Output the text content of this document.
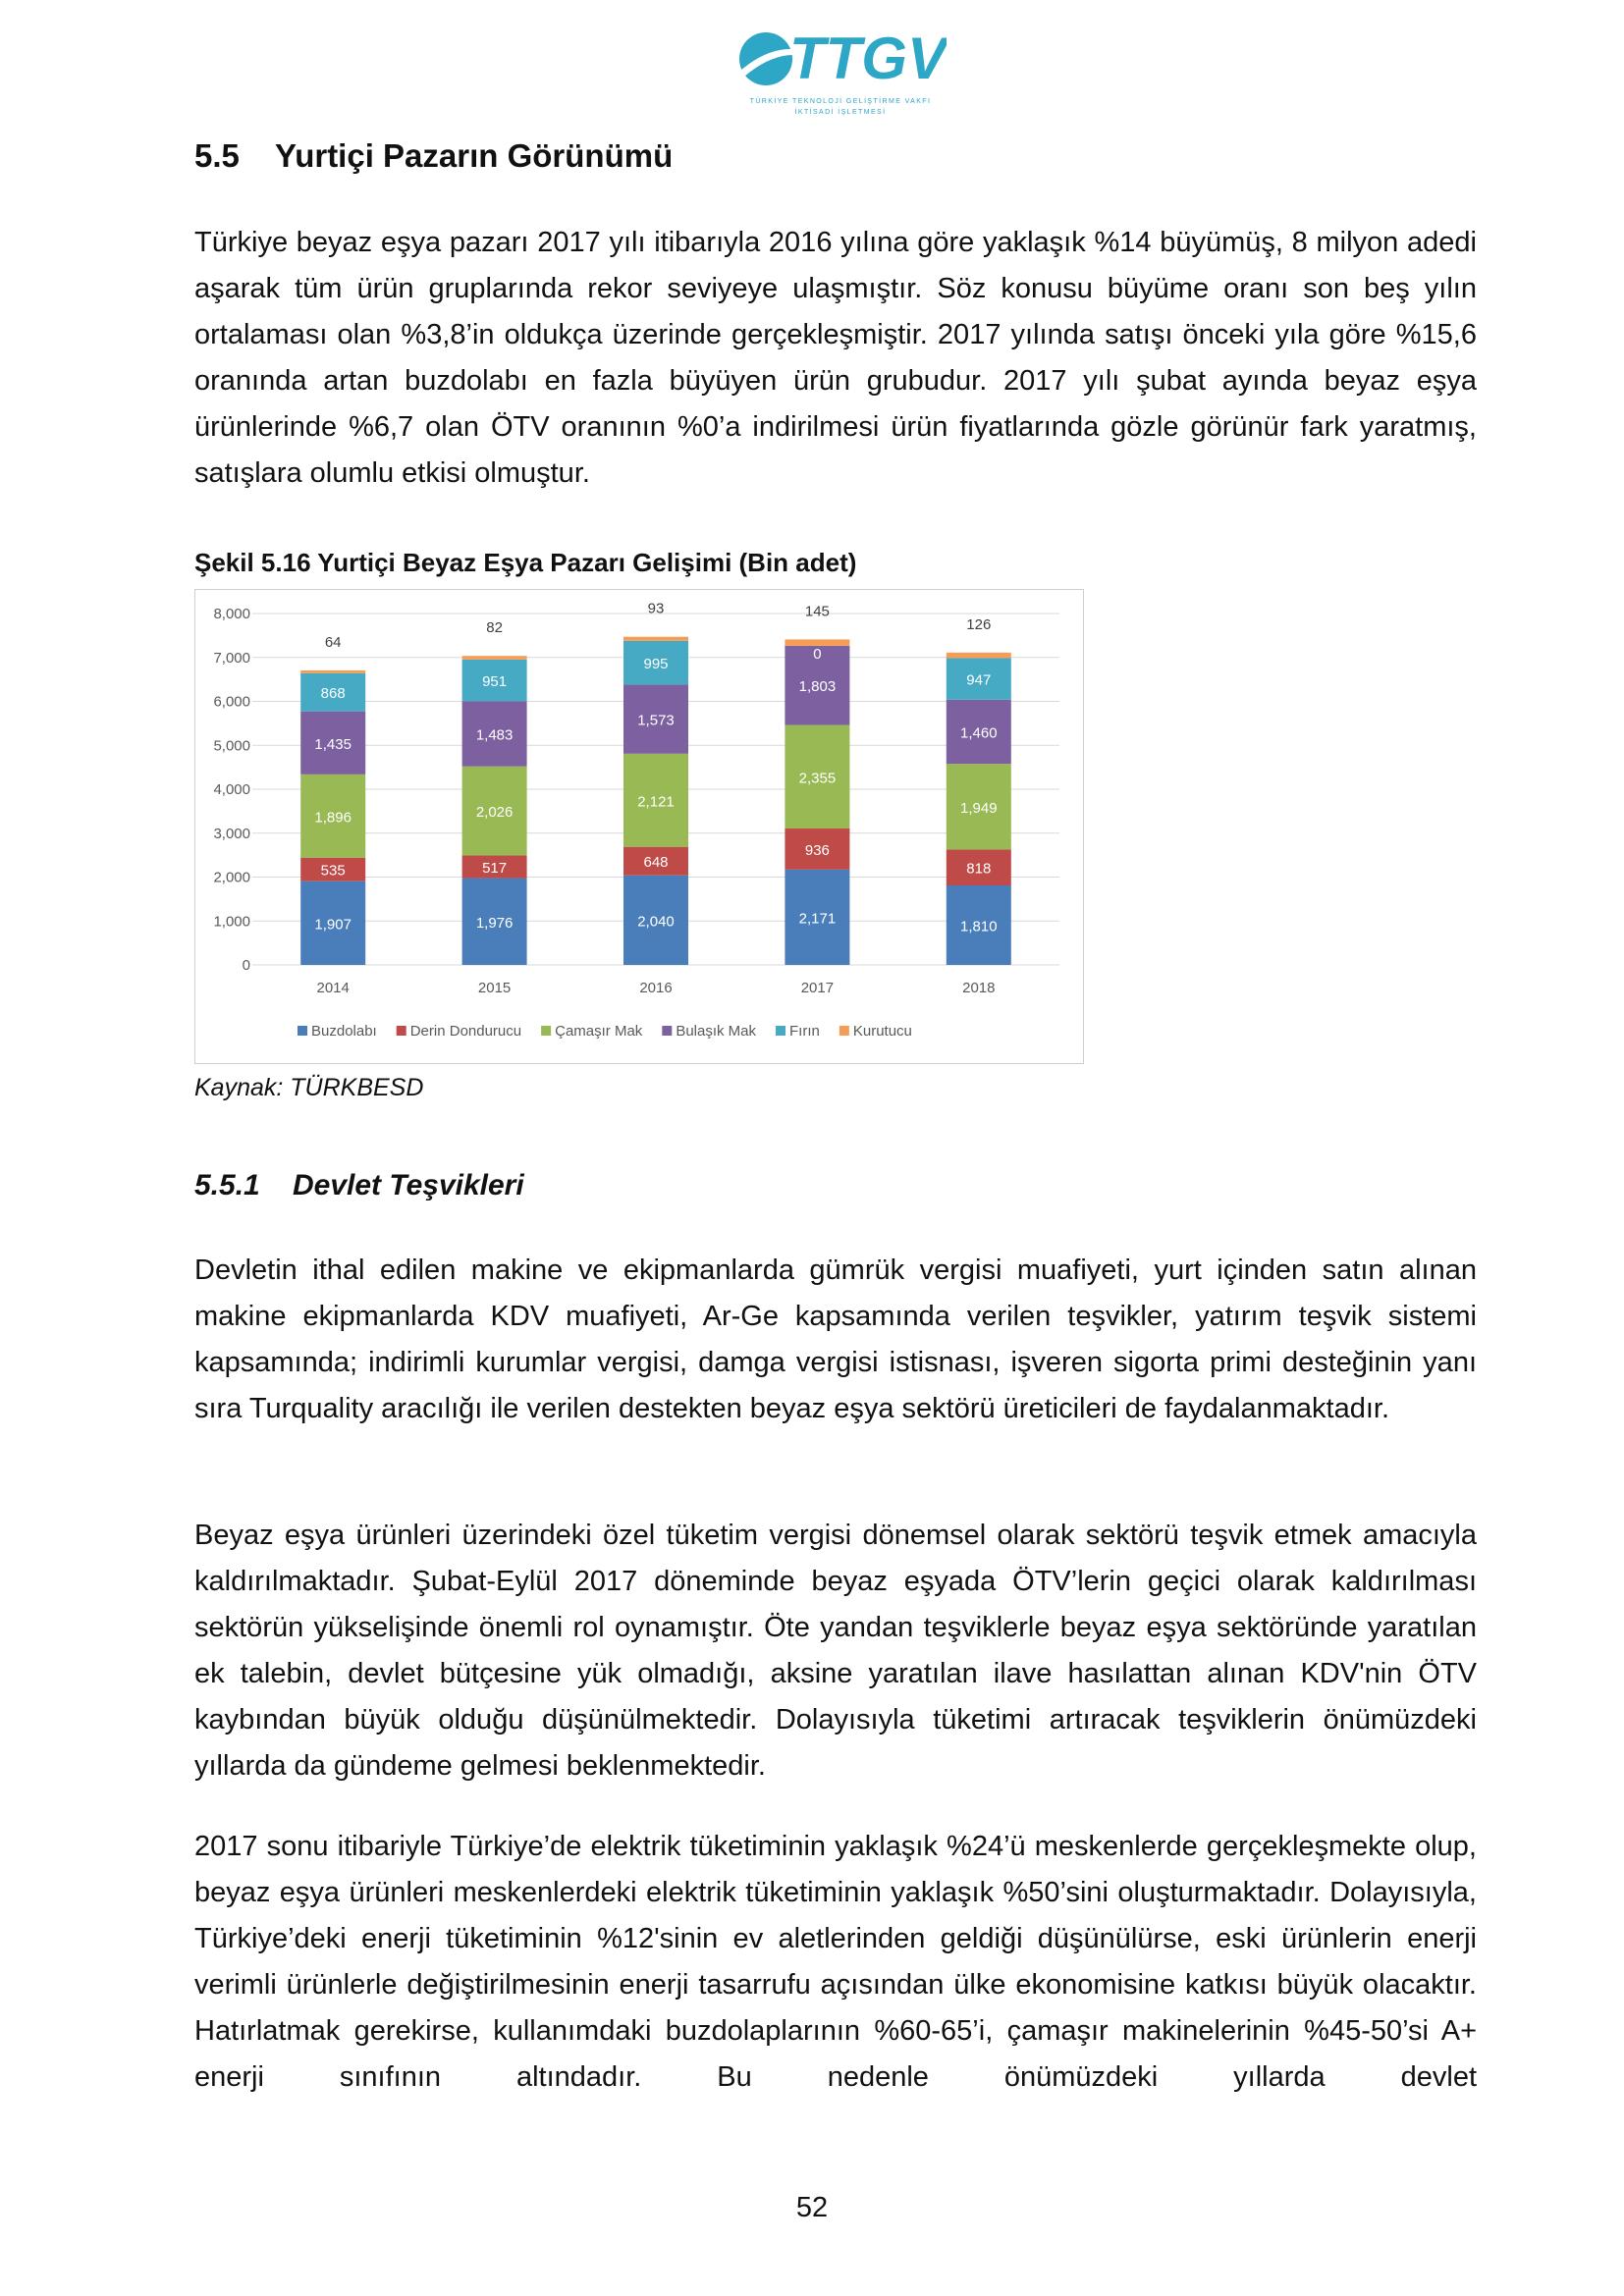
TTGV
TÜRKİYE TEKNOLOJİ GELİŞTİRME VAKFI
İKTİSADİ İŞLETMESİ
5.5 Yurtiçi Pazarın Görünümü

Türkiye beyaz eşya pazarı 2017 yılı itibarıyla 2016 yılına göre yaklaşık %14 büyümüş, 8 milyon adedi aşarak tüm ürün gruplarında rekor seviyeye ulaşmıştır. Söz konusu büyüme oranı son beş yılın ortalaması olan %3,8’in oldukça üzerinde gerçekleşmiştir. 2017 yılında satışı önceki yıla göre %15,6 oranında artan buzdolabı en fazla büyüyen ürün grubudur. 2017 yılı şubat ayında beyaz eşya ürünlerinde %6,7 olan ÖTV oranının %0’a indirilmesi ürün fiyatlarında gözle görünür fark yaratmış, satışlara olumlu etkisi olmuştur.

Şekil 5.16 Yurtiçi Beyaz Eşya Pazarı Gelişimi (Bin adet)
0
1,000
2,000
3,000
4,000
5,000
6,000
7,000
8,000
1,907
535
1,896
1,435
868
64
2014
1,976
517
2,026
1,483
951
82
2015
2,040
648
2,121
1,573
995
93
2016
2,171
936
2,355
1,803
0
145
2017
1,810
818
1,949
1,460
947
126
2018
Buzdolabı Derin Dondurucu Çamaşır Mak Bulaşık Mak Fırın Kurutucu
Kaynak: TÜRKBESD
5.5.1 Devlet Teşvikleri

Devletin ithal edilen makine ve ekipmanlarda gümrük vergisi muafiyeti, yurt içinden satın alınan makine ekipmanlarda KDV muafiyeti, Ar-Ge kapsamında verilen teşvikler, yatırım teşvik sistemi kapsamında; indirimli kurumlar vergisi, damga vergisi istisnası, işveren sigorta primi desteğinin yanı sıra Turquality aracılığı ile verilen destekten beyaz eşya sektörü üreticileri de faydalanmaktadır.

Beyaz eşya ürünleri üzerindeki özel tüketim vergisi dönemsel olarak sektörü teşvik etmek amacıyla kaldırılmaktadır. Şubat-Eylül 2017 döneminde beyaz eşyada ÖTV’lerin geçici olarak kaldırılması sektörün yükselişinde önemli rol oynamıştır. Öte yandan teşviklerle beyaz eşya sektöründe yaratılan ek talebin, devlet bütçesine yük olmadığı, aksine yaratılan ilave hasılattan alınan KDV'nin ÖTV kaybından büyük olduğu düşünülmektedir. Dolayısıyla tüketimi artıracak teşviklerin önümüzdeki yıllarda da gündeme gelmesi beklenmektedir.

2017 sonu itibariyle Türkiye’de elektrik tüketiminin yaklaşık %24’ü meskenlerde gerçekleşmekte olup, beyaz eşya ürünleri meskenlerdeki elektrik tüketiminin yaklaşık %50’sini oluşturmaktadır. Dolayısıyla, Türkiye’deki enerji tüketiminin %12'sinin ev aletlerinden geldiği düşünülürse, eski ürünlerin enerji verimli ürünlerle değiştirilmesinin enerji tasarrufu açısından ülke ekonomisine katkısı büyük olacaktır. Hatırlatmak gerekirse, kullanımdaki buzdolaplarının %60-65’i, çamaşır makinelerinin %45-50’si A+ enerji sınıfının altındadır. Bu nedenle önümüzdeki yıllarda devlet

52
